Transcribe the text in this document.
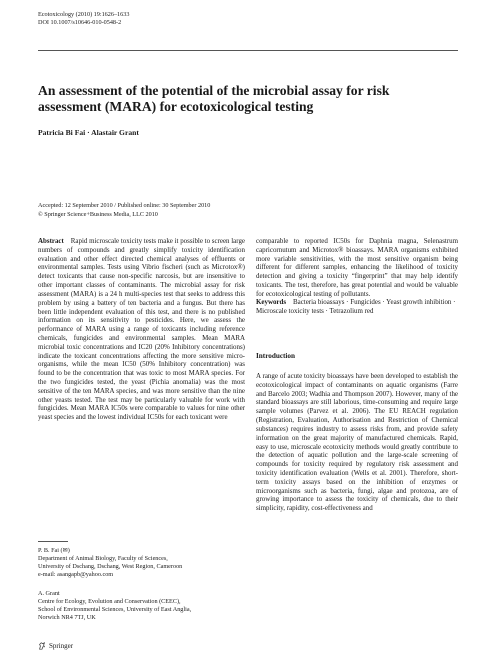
Ecotoxicology (2010) 19:1626–1633
DOI 10.1007/s10646-010-0548-2
An assessment of the potential of the microbial assay for risk assessment (MARA) for ecotoxicological testing
Patricia Bi Fai · Alastair Grant
Accepted: 12 September 2010 / Published online: 30 September 2010
© Springer Science+Business Media, LLC 2010

Abstract  Rapid microscale toxicity tests make it possible to screen large numbers of compounds and greatly simplify toxicity identification evaluation and other effect directed chemical analyses of effluents or environmental samples. Tests using Vibrio fischeri (such as Microtox®) detect toxicants that cause non-specific narcosis, but are insensitive to other important classes of contaminants. The microbial assay for risk assessment (MARA) is a 24 h multi-species test that seeks to address this problem by using a battery of ten bacteria and a fungus. But there has been little independent evaluation of this test, and there is no published information on its sensitivity to pesticides. Here, we assess the performance of MARA using a range of toxicants including reference chemicals, fungicides and environmental samples. Mean MARA microbial toxic concentrations and IC20 (20% Inhibitory concentrations) indicate the toxicant concentrations affecting the more sensitive micro-organisms, while the mean IC50 (50% Inhibitory concentration) was found to be the concentration that was toxic to most MARA species. For the two fungicides tested, the yeast (Pichia anomalia) was the most sensitive of the ten MARA species, and was more sensitive than the nine other yeasts tested. The test may be particularly valuable for work with fungicides. Mean MARA IC50s were comparable to values for nine other yeast species and the lowest individual IC50s for each toxicant were

comparable to reported IC50s for Daphnia magna, Selenastrum capricornutum and Microtox® bioassays. MARA organisms exhibited more variable sensitivities, with the most sensitive organism being different for different samples, enhancing the likelihood of toxicity detection and giving a toxicity “fingerprint” that may help identify toxicants. The test, therefore, has great potential and would be valuable for ecotoxicological testing of pollutants.

Keywords  Bacteria bioassays · Fungicides · Yeast growth inhibition · Microscale toxicity tests · Tetrazolium red

Introduction

A range of acute toxicity bioassays have been developed to establish the ecotoxicological impact of contaminants on aquatic organisms (Farre and Barcelo 2003; Wadhia and Thompson 2007). However, many of the standard bioassays are still laborious, time-consuming and require large sample volumes (Parvez et al. 2006). The EU REACH regulation (Registration, Evaluation, Authorisation and Restriction of Chemical substances) requires industry to assess risks from, and provide safety information on the great majority of manufactured chemicals. Rapid, easy to use, microscale ecotoxicity methods would greatly contribute to the detection of aquatic pollution and the large-scale screening of compounds for toxicity required by regulatory risk assessment and toxicity identification evaluation (Wells et al. 2001). Therefore, short-term toxicity assays based on the inhibition of enzymes or microorganisms such as bacteria, fungi, algae and protozoa, are of growing importance to assess the toxicity of chemicals, due to their simplicity, rapidity, cost-effectiveness and

P. B. Fai (✉)
Department of Animal Biology, Faculty of Sciences,
University of Dschang, Dschang, West Region, Cameroon
e-mail: asangapb@yahoo.com
A. Grant
Centre for Ecology, Evolution and Conservation (CEEC),
School of Environmental Sciences, University of East Anglia,
Norwich NR4 7TJ, UK
Springer
